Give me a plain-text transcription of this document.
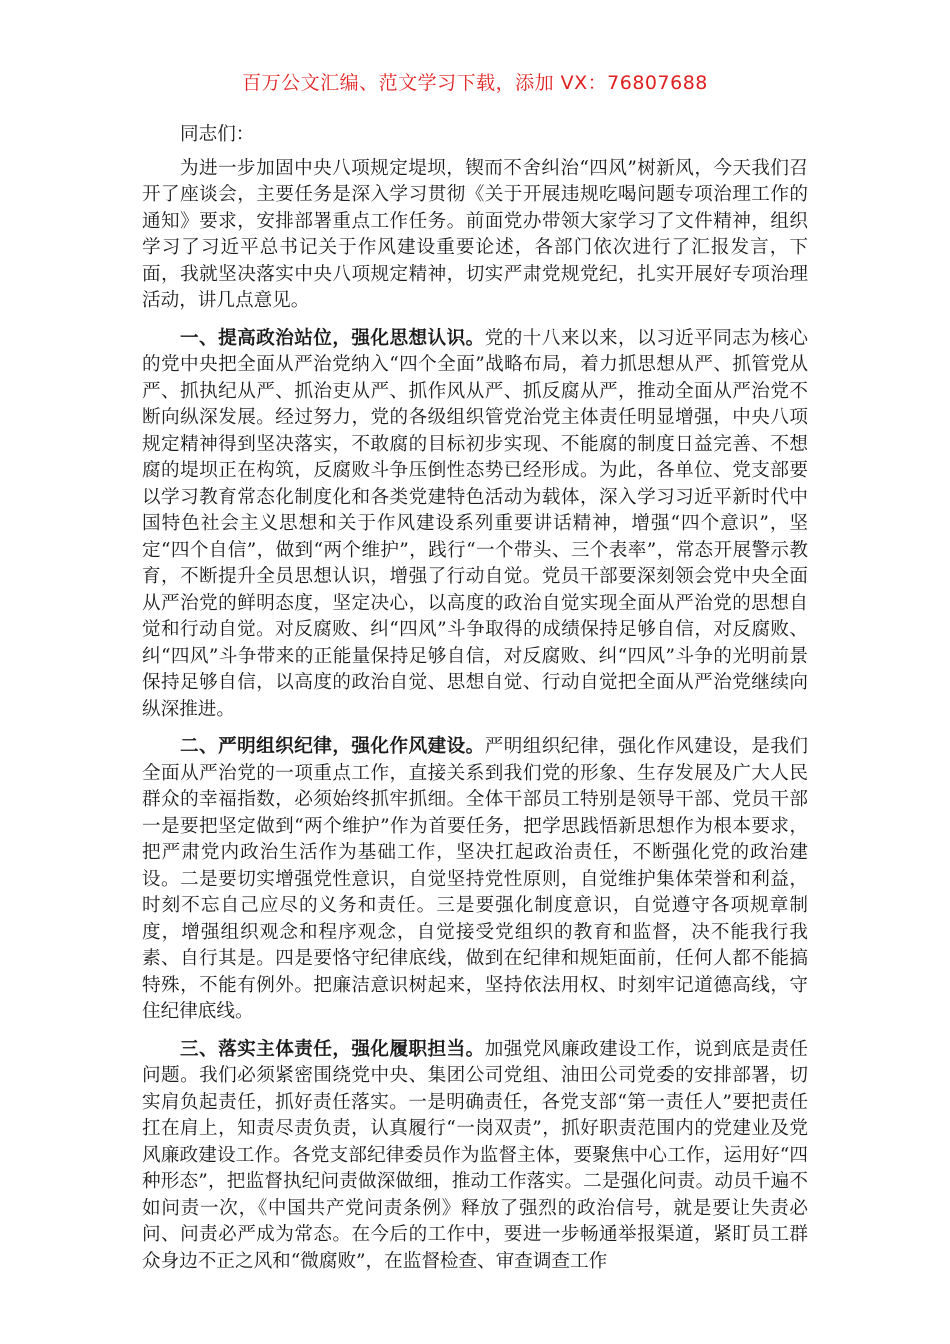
百万公文汇编、范文学习下载，添加 VX：76807688

同志们：

为进一步加固中央八项规定堤坝，锲而不舍纠治“四风”树新风，今天我们召开了座谈会，主要任务是深入学习贯彻《关于开展违规吃喝问题专项治理工作的通知》要求，安排部署重点工作任务。前面党办带领大家学习了文件精神，组织学习了习近平总书记关于作风建设重要论述，各部门依次进行了汇报发言，下面，我就坚决落实中央八项规定精神，切实严肃党规党纪，扎实开展好专项治理活动，讲几点意见。

一、提高政治站位，强化思想认识。党的十八来以来，以习近平同志为核心的党中央把全面从严治党纳入“四个全面”战略布局，着力抓思想从严、抓管党从严、抓执纪从严、抓治吏从严、抓作风从严、抓反腐从严，推动全面从严治党不断向纵深发展。经过努力，党的各级组织管党治党主体责任明显增强，中央八项规定精神得到坚决落实，不敢腐的目标初步实现、不能腐的制度日益完善、不想腐的堤坝正在构筑，反腐败斗争压倒性态势已经形成。为此，各单位、党支部要以学习教育常态化制度化和各类党建特色活动为载体，深入学习习近平新时代中国特色社会主义思想和关于作风建设系列重要讲话精神，增强“四个意识”，坚定“四个自信”，做到“两个维护”，践行“一个带头、三个表率”，常态开展警示教育，不断提升全员思想认识，增强了行动自觉。党员干部要深刻领会党中央全面从严治党的鲜明态度，坚定决心，以高度的政治自觉实现全面从严治党的思想自觉和行动自觉。对反腐败、纠“四风”斗争取得的成绩保持足够自信，对反腐败、纠“四风”斗争带来的正能量保持足够自信，对反腐败、纠“四风”斗争的光明前景保持足够自信，以高度的政治自觉、思想自觉、行动自觉把全面从严治党继续向纵深推进。

二、严明组织纪律，强化作风建设。严明组织纪律，强化作风建设，是我们全面从严治党的一项重点工作，直接关系到我们党的形象、生存发展及广大人民群众的幸福指数，必须始终抓牢抓细。全体干部员工特别是领导干部、党员干部一是要把坚定做到“两个维护”作为首要任务，把学思践悟新思想作为根本要求，把严肃党内政治生活作为基础工作，坚决扛起政治责任，不断强化党的政治建设。二是要切实增强党性意识，自觉坚持党性原则，自觉维护集体荣誉和利益，时刻不忘自己应尽的义务和责任。三是要强化制度意识，自觉遵守各项规章制度，增强组织观念和程序观念，自觉接受党组织的教育和监督，决不能我行我素、自行其是。四是要恪守纪律底线，做到在纪律和规矩面前，任何人都不能搞特殊，不能有例外。把廉洁意识树起来，坚持依法用权、时刻牢记道德高线，守住纪律底线。

三、落实主体责任，强化履职担当。加强党风廉政建设工作，说到底是责任问题。我们必须紧密围绕党中央、集团公司党组、油田公司党委的安排部署，切实肩负起责任，抓好责任落实。一是明确责任，各党支部“第一责任人”要把责任扛在肩上，知责尽责负责，认真履行“一岗双责”，抓好职责范围内的党建业及党风廉政建设工作。各党支部纪律委员作为监督主体，要聚焦中心工作，运用好“四种形态”，把监督执纪问责做深做细，推动工作落实。二是强化问责。动员千遍不如问责一次，《中国共产党问责条例》释放了强烈的政治信号，就是要让失责必问、问责必严成为常态。在今后的工作中，要进一步畅通举报渠道，紧盯员工群众身边不正之风和“微腐败”，在监督检查、审查调查工作
